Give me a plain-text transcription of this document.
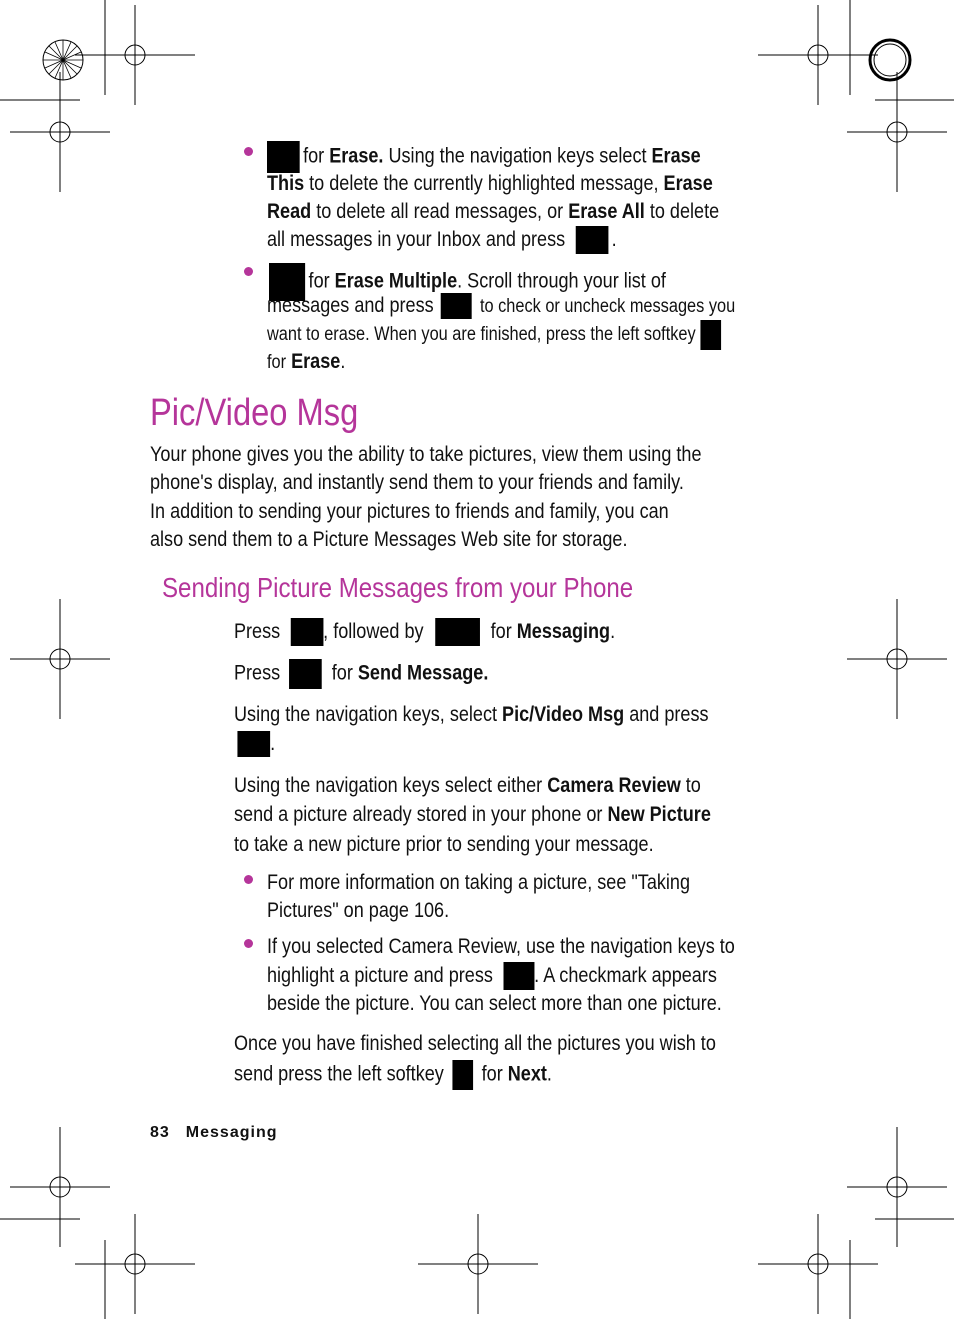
for Erase. Using the navigation keys select Erase
This to delete the currently highlighted message, Erase
Read to delete all read messages, or Erase All to delete
all messages in your Inbox and press .
for Erase Multiple. Scroll through your list of
messages and press to check or uncheck messages you
want to erase. When you are finished, press the left softkey
for Erase.
Pic/Video Msg
Your phone gives you the ability to take pictures, view them using the
phone's display, and instantly send them to your friends and family.
In addition to sending your pictures to friends and family, you can
also send them to a Picture Messages Web site for storage.
Sending Picture Messages from your Phone
Press , followed by	for Messaging.
Press for Send Message.
Using the navigation keys, select Pic/Video Msg and press
.
Using the navigation keys select either Camera Review to
send a picture already stored in your phone or New Picture
to take a new picture prior to sending your message.
For more information on taking a picture, see "Taking
Pictures" on page 106.
If you selected Camera Review, use the navigation keys to
highlight a picture and press . A checkmark appears
beside the picture. You can select more than one picture.
Once you have finished selecting all the pictures you wish to
send press the left softkey for Next.
83 Messaging
